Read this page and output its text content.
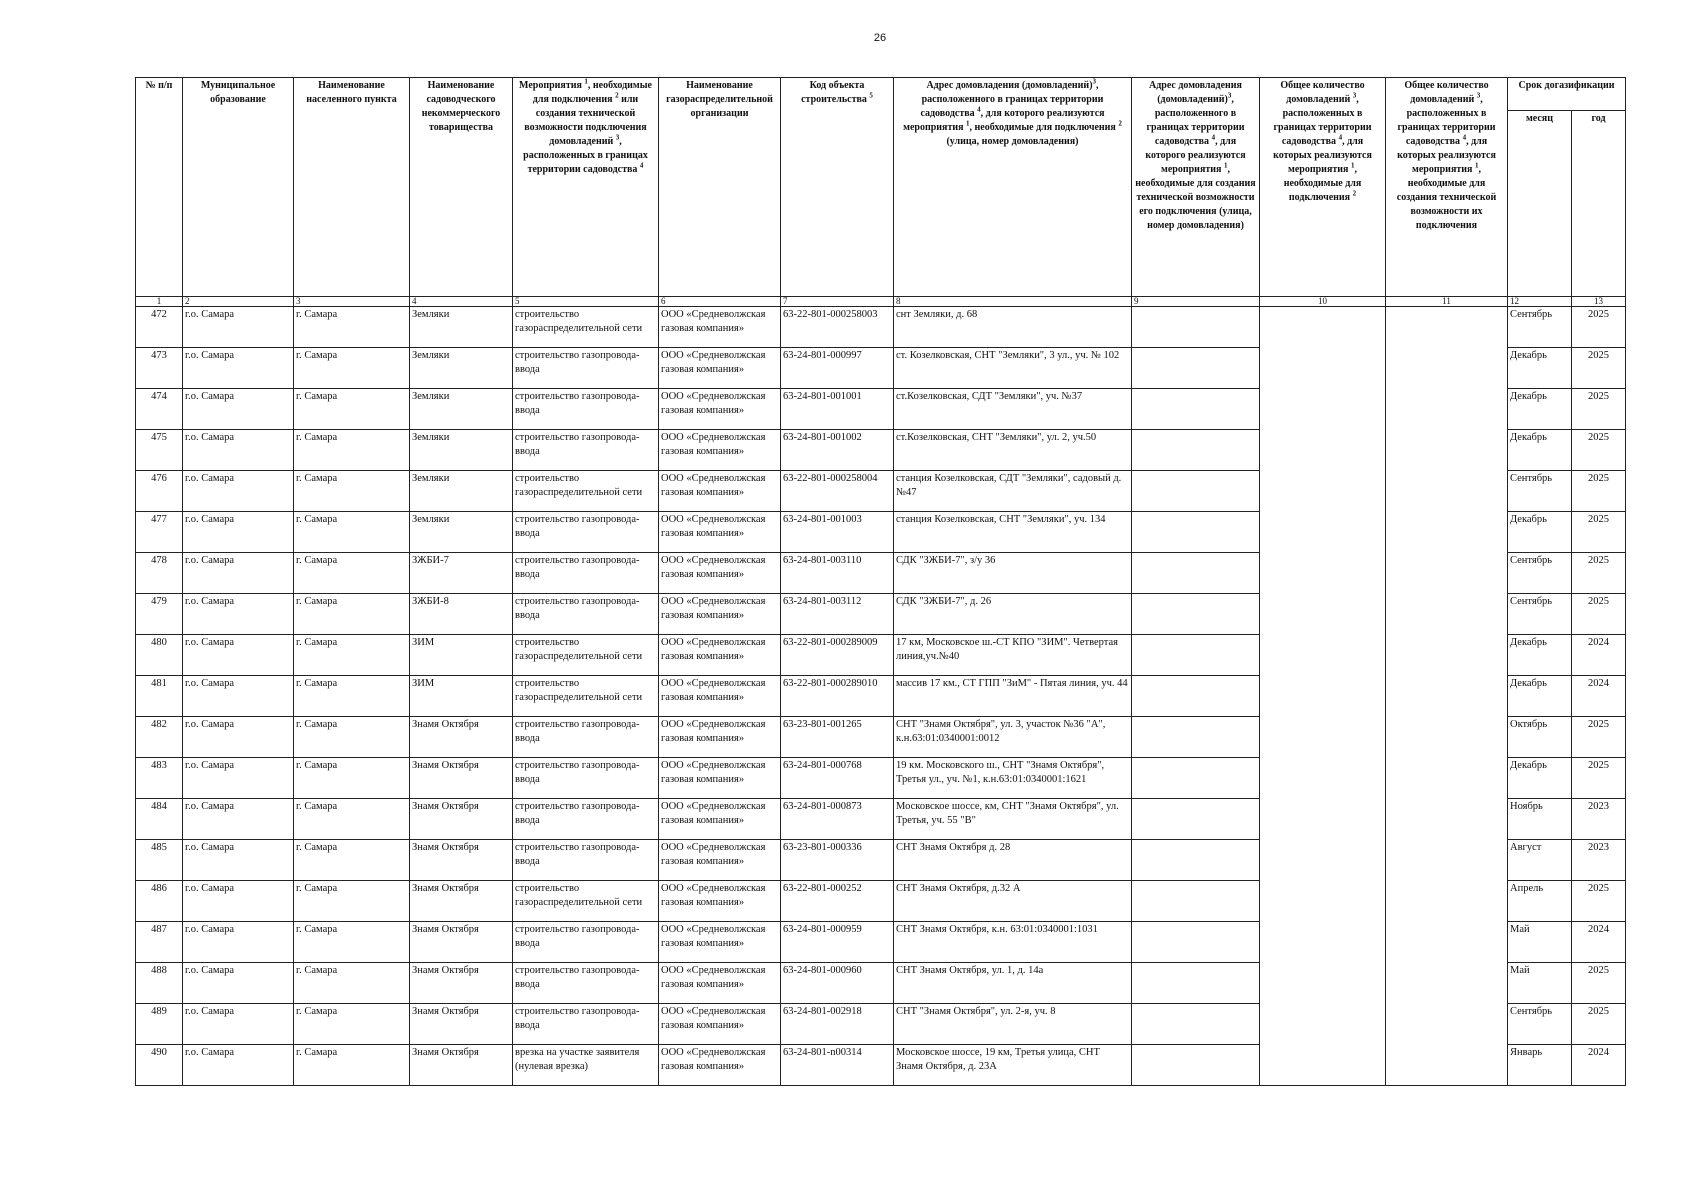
26
№ п/п	Муниципальное образование	Наименование населенного пункта	Наименование садоводческого некоммерческого товарищества	Мероприятия $^1$, необходимые для подключения $^2$ или создания технической возможности подключения домовладений $^3$, расположенных в границах территории садоводства $^4$	Наименование газораспределительной организации	Код объекта строительства $^5$	Адрес домовладения (домовладений)$^3$, расположенного в границах территории садоводства $^4$, для которого реализуются мероприятия $^1$, необходимые для подключения $^2$ (улица, номер домовладения)	Адрес домовладения (домовладений)$^3$, расположенного в границах территории садоводства $^4$, для которого реализуются мероприятия $^1$, необходимые для создания технической возможности его подключения (улица, номер домовладения)	Общее количество домовладений $^3$, расположенных в границах территории садоводства $^4$, для которых реализуются мероприятия $^1$, необходимые для подключения $^2$	Общее количество домовладений $^3$, расположенных в границах территории садоводства $^4$, для которых реализуются мероприятия $^1$, необходимые для создания технической возможности их подключения	Срок догазификации	
											месяц	год
1	2	3	4	5	6	7	8	9	10	11	12	13
472	г.о. Самара	г. Самара	Земляки	строительство газораспределительной сети	ООО «Средневолжская газовая компания»	63-22-801-000258003	снт Земляки, д. 68				Сентябрь	2025
473	г.о. Самара	г. Самара	Земляки	строительство газопровода-ввода	ООО «Средневолжская газовая компания»	63-24-801-000997	ст. Козелковская, СНТ "Земляки", 3 ул., уч. № 102				Декабрь	2025
474	г.о. Самара	г. Самара	Земляки	строительство газопровода-ввода	ООО «Средневолжская газовая компания»	63-24-801-001001	ст.Козелковская, СДТ "Земляки", уч. №37				Декабрь	2025
475	г.о. Самара	г. Самара	Земляки	строительство газопровода-ввода	ООО «Средневолжская газовая компания»	63-24-801-001002	ст.Козелковская, СНТ "Земляки", ул. 2, уч.50				Декабрь	2025
476	г.о. Самара	г. Самара	Земляки	строительство газораспределительной сети	ООО «Средневолжская газовая компания»	63-22-801-000258004	станция Козелковская, СДТ "Земляки", садовый д. №47				Сентябрь	2025
477	г.о. Самара	г. Самара	Земляки	строительство газопровода-ввода	ООО «Средневолжская газовая компания»	63-24-801-001003	станция Козелковская, СНТ "Земляки", уч. 134				Декабрь	2025
478	г.о. Самара	г. Самара	ЗЖБИ-7	строительство газопровода-ввода	ООО «Средневолжская газовая компания»	63-24-801-003110	СДК "ЗЖБИ-7", з/у 36				Сентябрь	2025
479	г.о. Самара	г. Самара	ЗЖБИ-8	строительство газопровода-ввода	ООО «Средневолжская газовая компания»	63-24-801-003112	СДК "ЗЖБИ-7", д. 26				Сентябрь	2025
480	г.о. Самара	г. Самара	ЗИМ	строительство газораспределительной сети	ООО «Средневолжская газовая компания»	63-22-801-000289009	17 км, Московское ш.-СТ КПО "ЗИМ". Четвертая линия,уч.№40				Декабрь	2024
481	г.о. Самара	г. Самара	ЗИМ	строительство газораспределительной сети	ООО «Средневолжская газовая компания»	63-22-801-000289010	массив 17 км., СТ ГПП "ЗиМ" - Пятая линия, уч. 44				Декабрь	2024
482	г.о. Самара	г. Самара	Знамя Октября	строительство газопровода-ввода	ООО «Средневолжская газовая компания»	63-23-801-001265	СНТ "Знамя Октября", ул. 3, участок №36 "А", к.н.63:01:0340001:0012				Октябрь	2025
483	г.о. Самара	г. Самара	Знамя Октября	строительство газопровода-ввода	ООО «Средневолжская газовая компания»	63-24-801-000768	19 км. Московского ш., СНТ "Знамя Октября", Третья ул., уч. №1, к.н.63:01:0340001:1621				Декабрь	2025
484	г.о. Самара	г. Самара	Знамя Октября	строительство газопровода-ввода	ООО «Средневолжская газовая компания»	63-24-801-000873	Московское шоссе, км, СНТ "Знамя Октября", ул. Третья, уч. 55 "В"				Ноябрь	2023
485	г.о. Самара	г. Самара	Знамя Октября	строительство газопровода-ввода	ООО «Средневолжская газовая компания»	63-23-801-000336	СНТ Знамя Октября д. 28				Август	2023
486	г.о. Самара	г. Самара	Знамя Октября	строительство газораспределительной сети	ООО «Средневолжская газовая компания»	63-22-801-000252	СНТ Знамя Октября, д.32 А				Апрель	2025
487	г.о. Самара	г. Самара	Знамя Октября	строительство газопровода-ввода	ООО «Средневолжская газовая компания»	63-24-801-000959	СНТ Знамя Октября, к.н. 63:01:0340001:1031				Май	2024
488	г.о. Самара	г. Самара	Знамя Октября	строительство газопровода-ввода	ООО «Средневолжская газовая компания»	63-24-801-000960	СНТ Знамя Октября, ул. 1, д. 14а				Май	2025
489	г.о. Самара	г. Самара	Знамя Октября	строительство газопровода-ввода	ООО «Средневолжская газовая компания»	63-24-801-002918	СНТ "Знамя Октября", ул. 2-я, уч. 8				Сентябрь	2025
490	г.о. Самара	г. Самара	Знамя Октября	врезка на участке заявителя (нулевая врезка)	ООО «Средневолжская газовая компания»	63-24-801-n00314	Московское шоссе, 19 км, Третья улица, СНТ Знамя Октября, д. 23А				Январь	2024
